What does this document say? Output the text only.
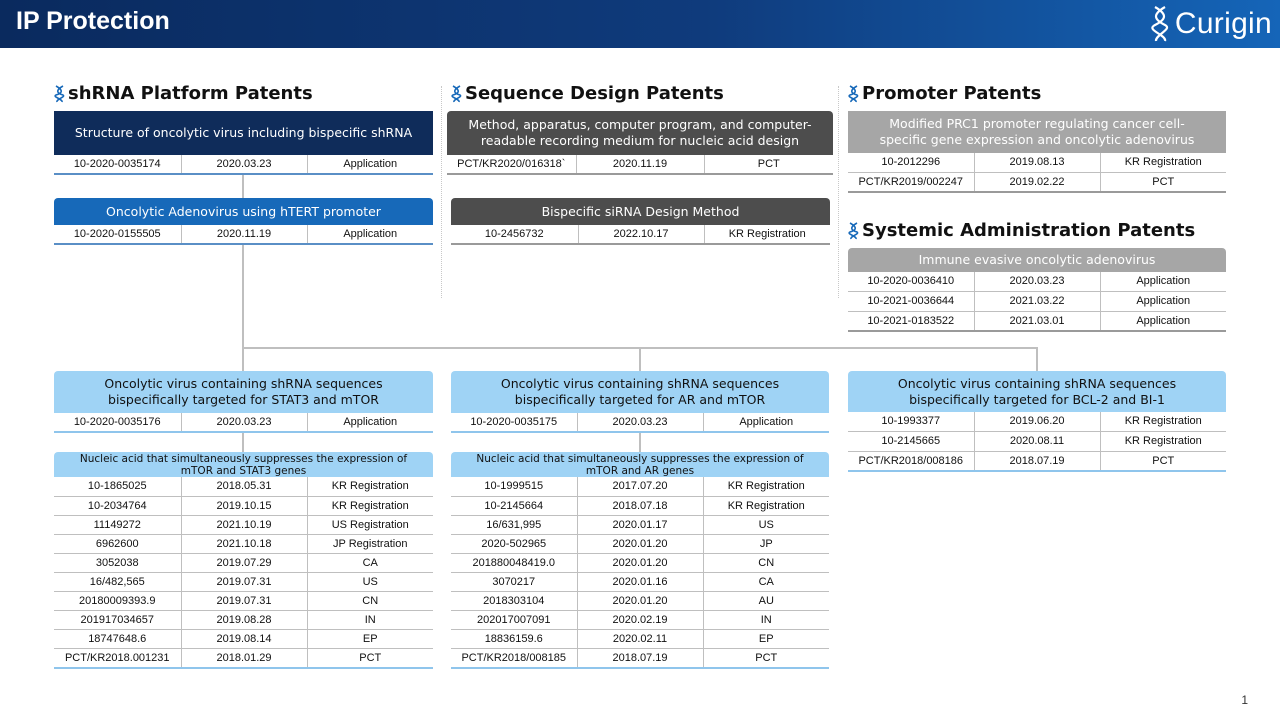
IP Protection	Curigin
shRNA Platform Patents	Sequence Design Patents	Promoter Patents
Systemic Administration Patents
Structure of oncolytic virus including bispecific shRNA
10-2020-0035174	2020.03.23	Application
Oncolytic Adenovirus using hTERT promoter
10-2020-0155505	2020.11.19	Application
Method, apparatus, computer program, and computer-
readable recording medium for nucleic acid design
PCT/KR2020/016318`	2020.11.19	PCT
Bispecific siRNA Design Method
10-2456732	2022.10.17	KR Registration
Modified PRC1 promoter regulating cancer cell-
specific gene expression and oncolytic adenovirus
10-2012296	2019.08.13	KR Registration
PCT/KR2019/002247	2019.02.22	PCT
Immune evasive oncolytic adenovirus
10-2020-0036410	2020.03.23	Application
10-2021-0036644	2021.03.22	Application
10-2021-0183522	2021.03.01	Application
Oncolytic virus containing shRNA sequences
bispecifically targeted for STAT3 and mTOR
10-2020-0035176	2020.03.23	Application
Oncolytic virus containing shRNA sequences
bispecifically targeted for AR and mTOR
10-2020-0035175	2020.03.23	Application
Oncolytic virus containing shRNA sequences
bispecifically targeted for BCL-2 and BI-1
10-1993377	2019.06.20	KR Registration
10-2145665	2020.08.11	KR Registration
PCT/KR2018/008186	2018.07.19	PCT
Nucleic acid that simultaneously suppresses the expression of
mTOR and STAT3 genes
10-1865025	2018.05.31	KR Registration
10-2034764	2019.10.15	KR Registration
11149272	2021.10.19	US Registration
6962600	2021.10.18	JP Registration
3052038	2019.07.29	CA
16/482,565	2019.07.31	US
20180009393.9	2019.07.31	CN
201917034657	2019.08.28	IN
18747648.6	2019.08.14	EP
PCT/KR2018.001231	2018.01.29	PCT
Nucleic acid that simultaneously suppresses the expression of
mTOR and AR genes
10-1999515	2017.07.20	KR Registration
10-2145664	2018.07.18	KR Registration
16/631,995	2020.01.17	US
2020-502965	2020.01.20	JP
201880048419.0	2020.01.20	CN
3070217	2020.01.16	CA
2018303104	2020.01.20	AU
202017007091	2020.02.19	IN
18836159.6	2020.02.11	EP
PCT/KR2018/008185	2018.07.19	PCT
1
